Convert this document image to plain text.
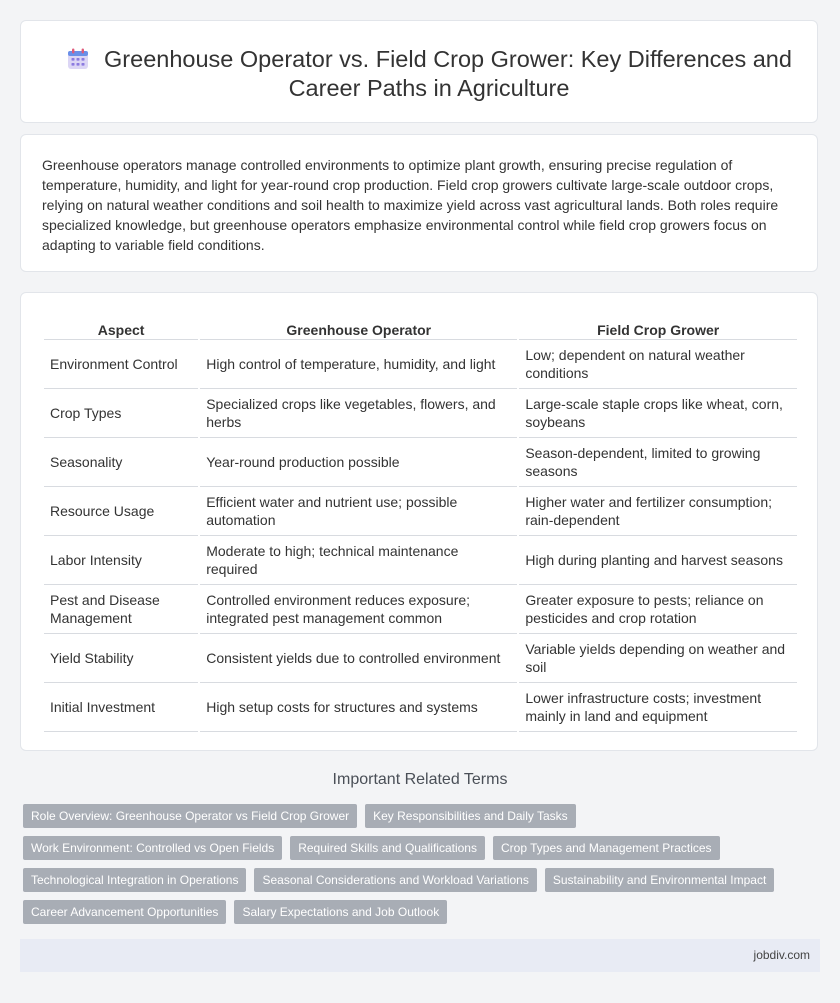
Greenhouse Operator vs. Field Crop Grower: Key Differences and Career Paths in Agriculture

Greenhouse operators manage controlled environments to optimize plant growth, ensuring precise regulation of temperature, humidity, and light for year-round crop production. Field crop growers cultivate large-scale outdoor crops, relying on natural weather conditions and soil health to maximize yield across vast agricultural lands. Both roles require specialized knowledge, but greenhouse operators emphasize environmental control while field crop growers focus on adapting to variable field conditions.

Aspect	Greenhouse Operator	Field Crop Grower
Environment Control	High control of temperature, humidity, and light	Low; dependent on natural weather conditions
Crop Types	Specialized crops like vegetables, flowers, and herbs	Large-scale staple crops like wheat, corn, soybeans
Seasonality	Year-round production possible	Season-dependent, limited to growing seasons
Resource Usage	Efficient water and nutrient use; possible automation	Higher water and fertilizer consumption; rain-dependent
Labor Intensity	Moderate to high; technical maintenance required	High during planting and harvest seasons
Pest and Disease Management	Controlled environment reduces exposure; integrated pest management common	Greater exposure to pests; reliance on pesticides and crop rotation
Yield Stability	Consistent yields due to controlled environment	Variable yields depending on weather and soil
Initial Investment	High setup costs for structures and systems	Lower infrastructure costs; investment mainly in land and equipment
Important Related Terms
Role Overview: Greenhouse Operator vs Field Crop Grower	Key Responsibilities and Daily Tasks
Work Environment: Controlled vs Open Fields	Required Skills and Qualifications	Crop Types and Management Practices
Technological Integration in Operations	Seasonal Considerations and Workload Variations	Sustainability and Environmental Impact
Career Advancement Opportunities	Salary Expectations and Job Outlook
jobdiv.com
